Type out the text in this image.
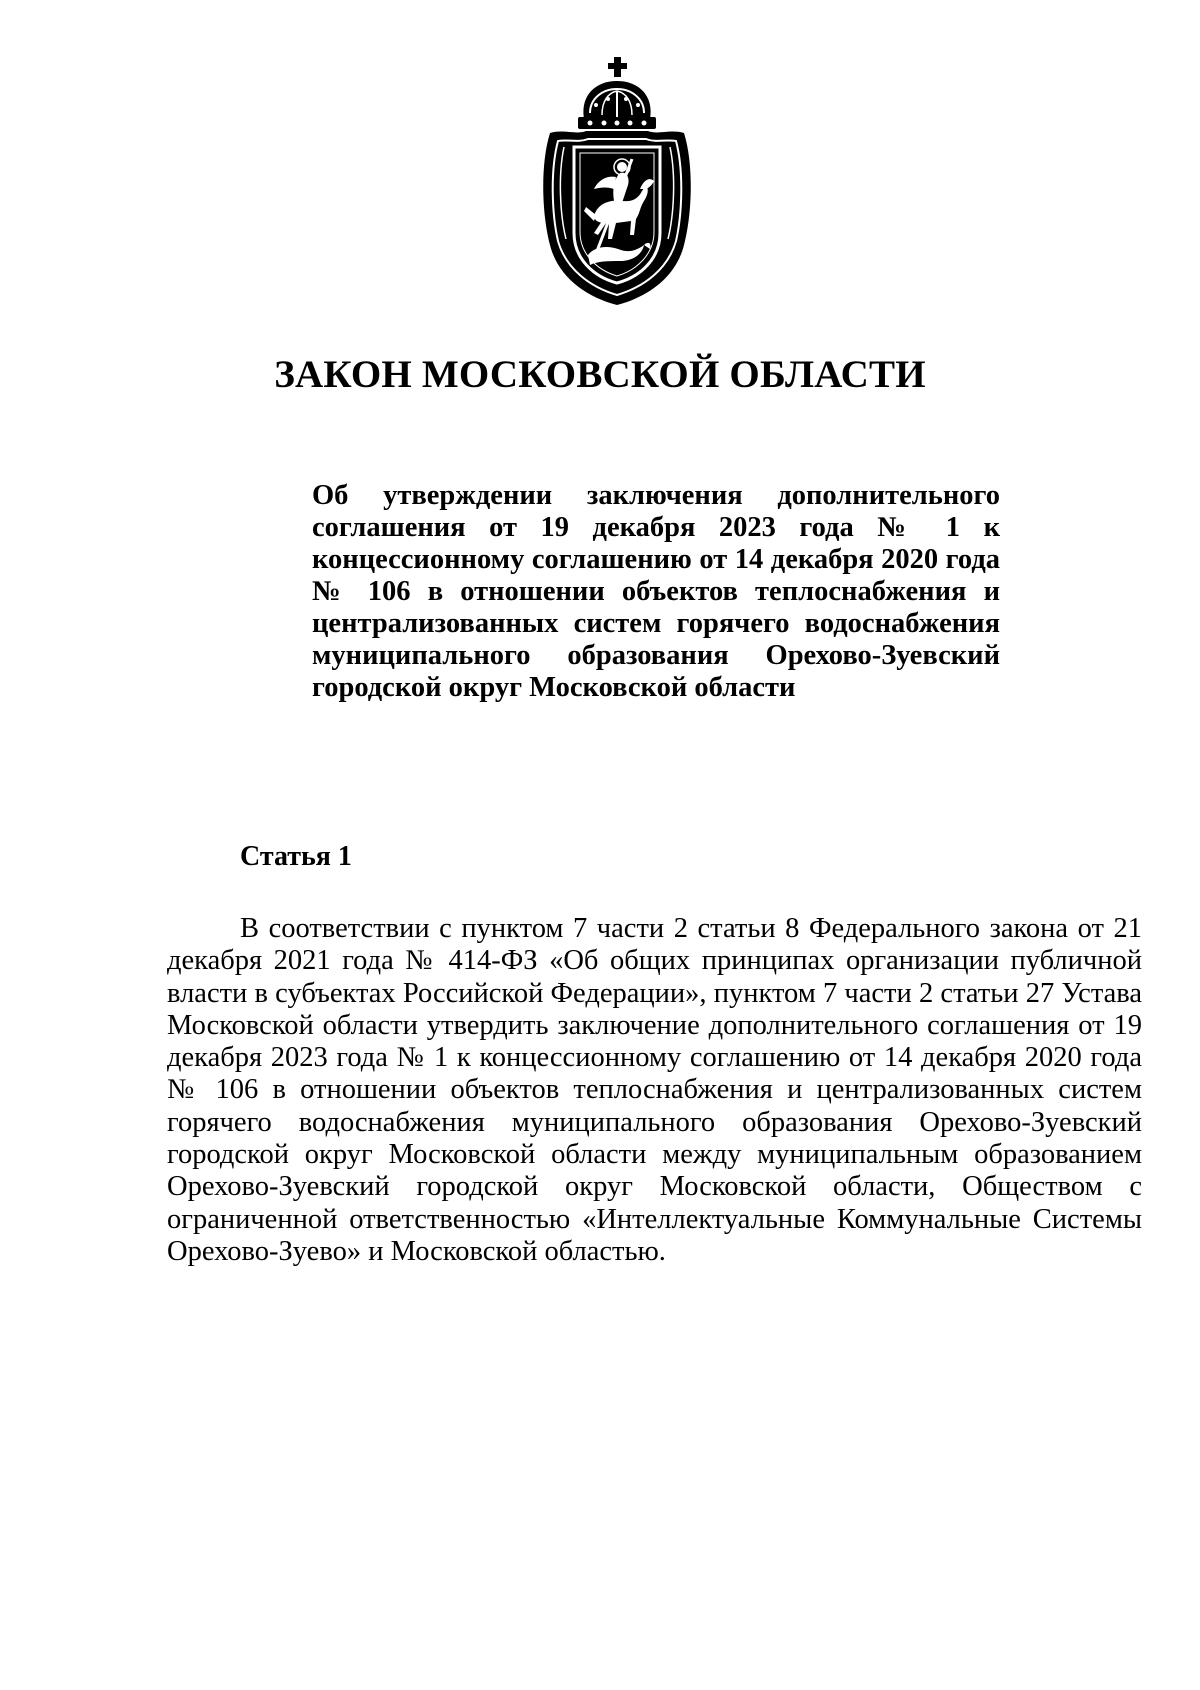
ЗАКОН МОСКОВСКОЙ ОБЛАСТИ

Об утверждении заключения дополнительного соглашения от 19 декабря 2023 года № 1 к концессионному соглашению от 14 декабря 2020 года № 106 в отношении объектов теплоснабжения и централизованных систем горячего водоснабжения муниципального образования Орехово-Зуевский городской округ Московской области

Статья 1

В соответствии с пунктом 7 части 2 статьи 8 Федерального закона от 21 декабря 2021 года № 414-ФЗ «Об общих принципах организации публичной власти в субъектах Российской Федерации», пунктом 7 части 2 статьи 27 Устава Московской области утвердить заключение дополнительного соглашения от 19 декабря 2023 года № 1 к концессионному соглашению от 14 декабря 2020 года № 106 в отношении объектов теплоснабжения и централизованных систем горячего водоснабжения муниципального образования Орехово-Зуевский городской округ Московской области между муниципальным образованием Орехово-Зуевский городской округ Московской области, Обществом с ограниченной ответственностью «Интеллектуальные Коммунальные Системы Орехово-Зуево» и Московской областью.
